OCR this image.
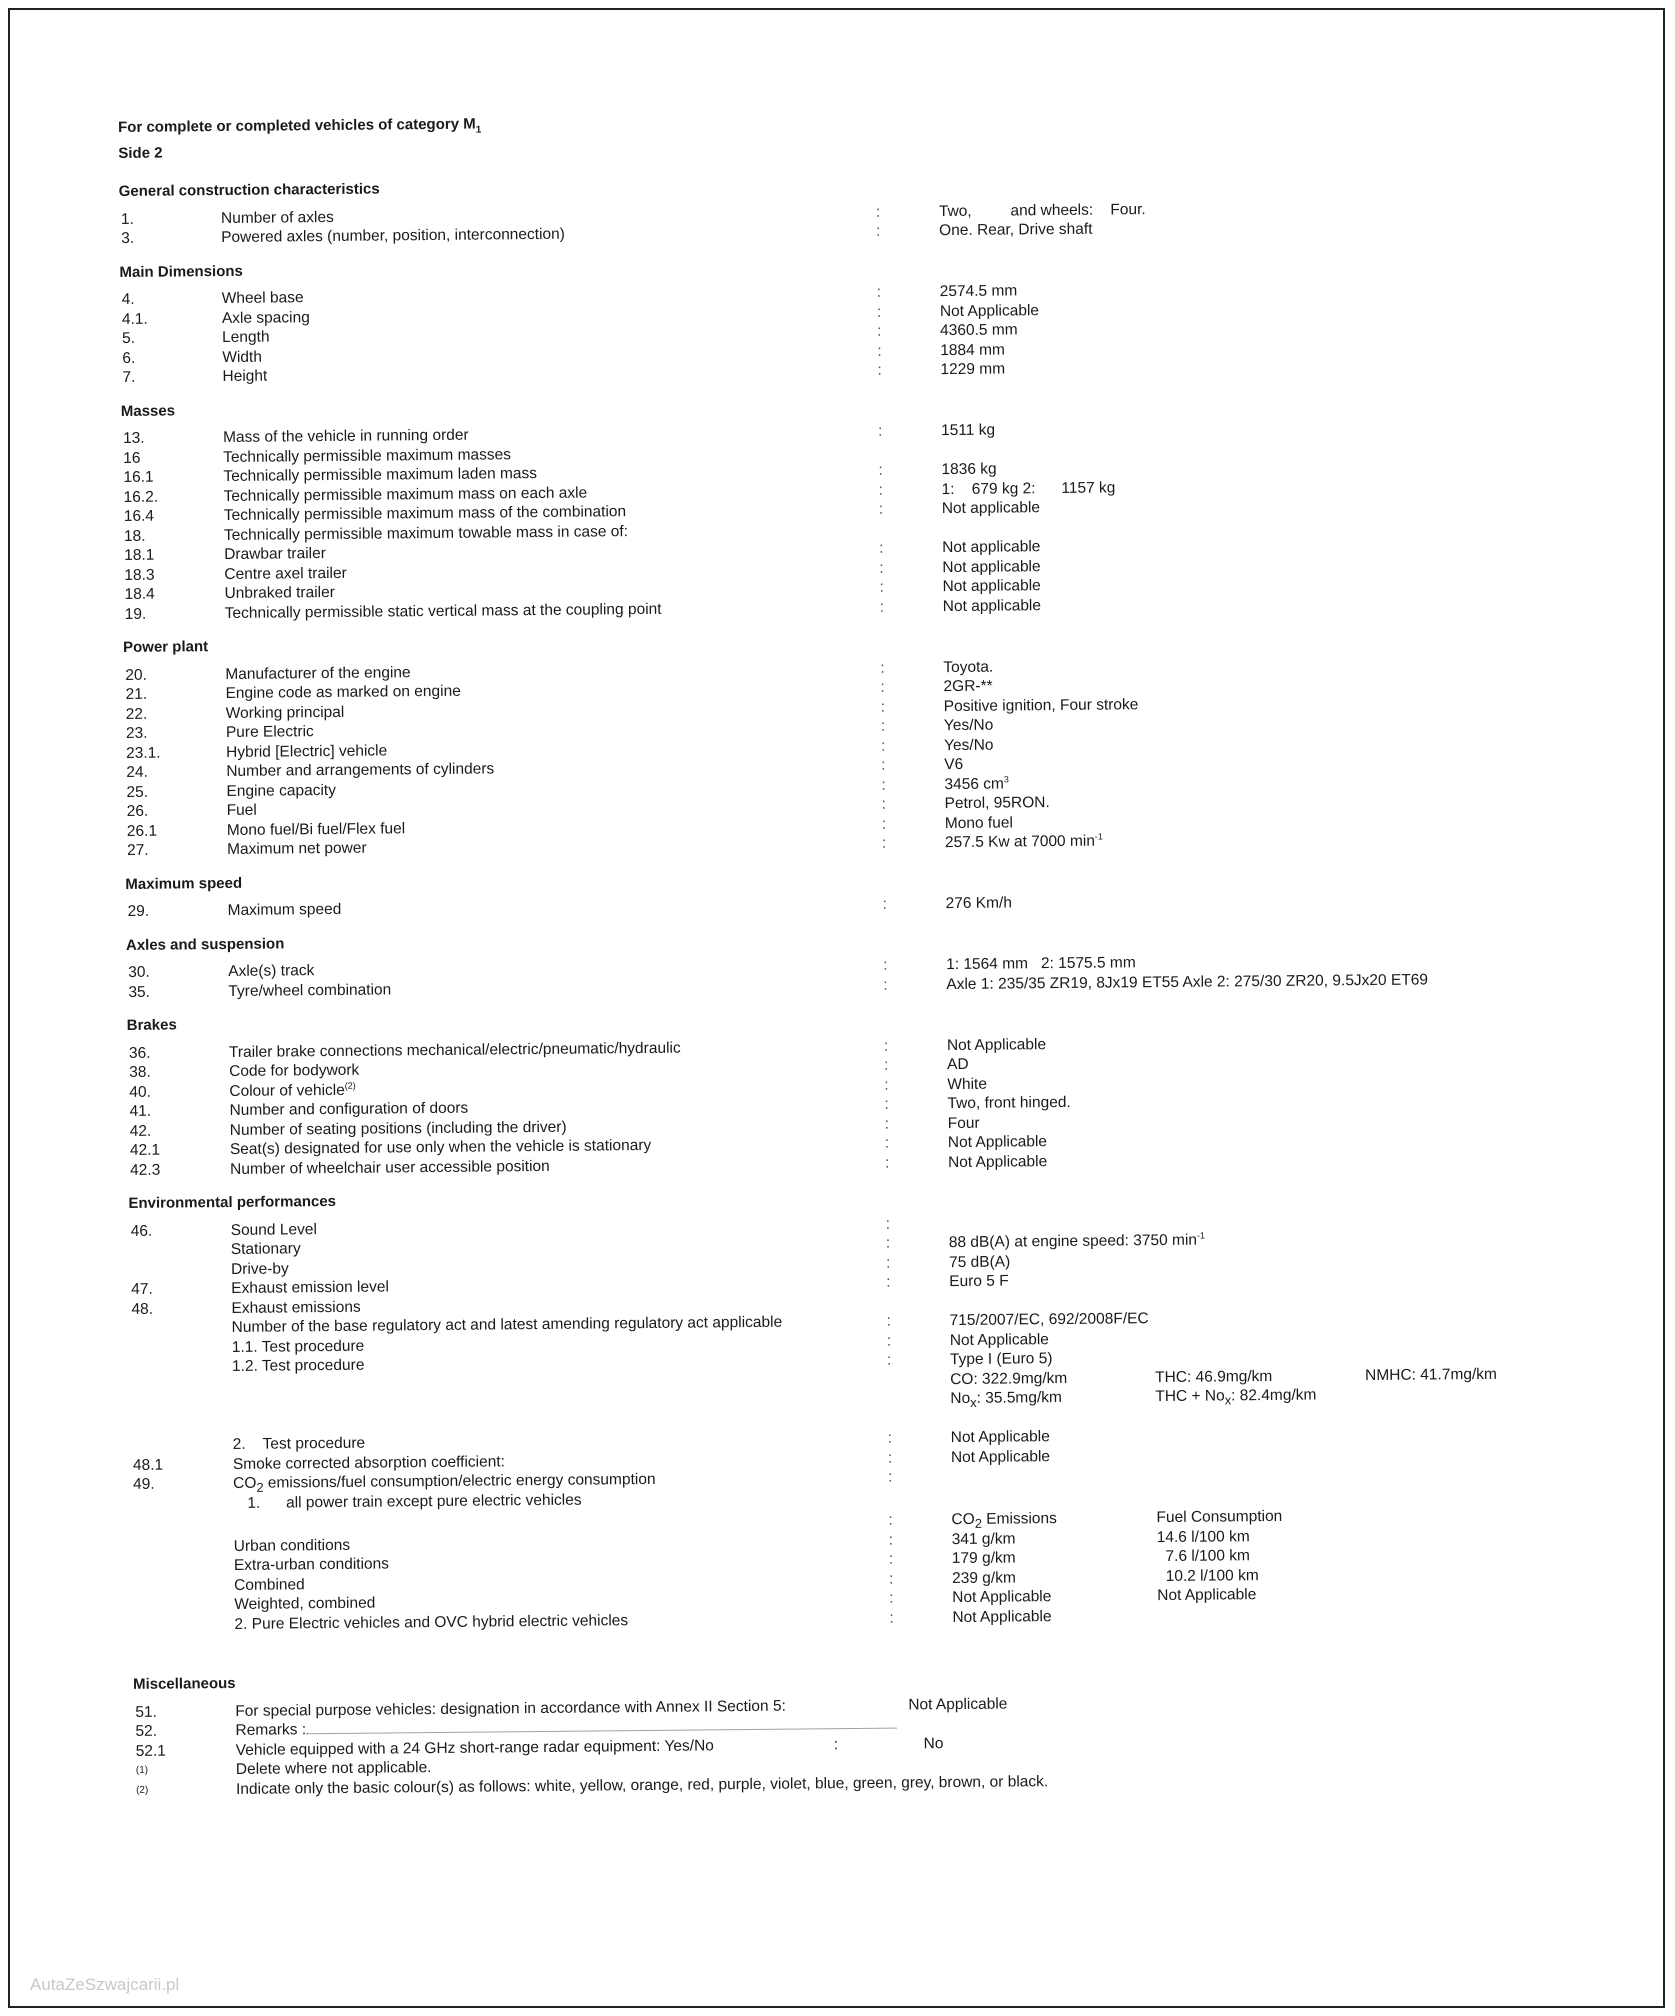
For complete or completed vehicles of category $M_1$
Side 2
General construction characteristics
1.	Number of axles	:	Two,         and wheels:    Four.
3.	Powered axles (number, position, interconnection)	:	One. Rear, Drive shaft
Main Dimensions
4.	Wheel base	:	2574.5 mm
4.1.	Axle spacing	:	Not Applicable
5.	Length	:	4360.5 mm
6.	Width	:	1884 mm
7.	Height	:	1229 mm
Masses
13.	Mass of the vehicle in running order	:	1511 kg
16	Technically permissible maximum masses
16.1	Technically permissible maximum laden mass	:	1836 kg
16.2.	Technically permissible maximum mass on each axle	:	1:    679 kg 2:      1157 kg
16.4	Technically permissible maximum mass of the combination	:	Not applicable
18.	Technically permissible maximum towable mass in case of:
18.1	Drawbar trailer	:	Not applicable
18.3	Centre axel trailer	:	Not applicable
18.4	Unbraked trailer	:	Not applicable
19.	Technically permissible static vertical mass at the coupling point	:	Not applicable
Power plant
20.	Manufacturer of the engine	:	Toyota.
21.	Engine code as marked on engine	:	2GR-**
22.	Working principal	:	Positive ignition, Four stroke
23.	Pure Electric	:	Yes/No
23.1.	Hybrid [Electric] vehicle	:	Yes/No
24.	Number and arrangements of cylinders	:	V6
25.	Engine capacity	:	3456 $cm^3$
26.	Fuel	:	Petrol, 95RON.
26.1	Mono fuel/Bi fuel/Flex fuel	:	Mono fuel
27.	Maximum net power	:	257.5 Kw at 7000 $\min^{-1}$
Maximum speed
29.	Maximum speed	:	276 Km/h
Axles and suspension
30.	Axle(s) track	:	1: 1564 mm   2: 1575.5 mm
35.	Tyre/wheel combination	:	Axle 1: 235/35 ZR19, 8Jx19 ET55 Axle 2: 275/30 ZR20, 9.5Jx20 ET69
Brakes
36.	Trailer brake connections mechanical/electric/pneumatic/hydraulic	:	Not Applicable
38.	Code for bodywork	:	AD
40.	Colour of vehicle$^{(2)}$	:	White
41.	Number and configuration of doors	:	Two, front hinged.
42.	Number of seating positions (including the driver)	:	Four
42.1	Seat(s) designated for use only when the vehicle is stationary	:	Not Applicable
42.3	Number of wheelchair user accessible position	:	Not Applicable
Environmental performances
46.	Sound Level	:
Stationary	:	88 dB(A) at engine speed: 3750 $\min^{-1}$
Drive-by	:	75 dB(A)
47.	Exhaust emission level	:	Euro 5 F
48.	Exhaust emissions
Number of the base regulatory act and latest amending regulatory act applicable	:	715/2007/EC, 692/2008F/EC
1.1. Test procedure	:	Not Applicable
1.2. Test procedure	:	Type I (Euro 5)
CO: 322.9mg/km	THC: 46.9mg/km	NMHC: 41.7mg/km
$No_x$: 35.5mg/km	THC + $No_x$: 82.4mg/km
2.    Test procedure	:	Not Applicable
48.1	Smoke corrected absorption coefficient:	:	Not Applicable
49.	$CO_2$ emissions/fuel consumption/electric energy consumption	:
1.      all power train except pure electric vehicles
:	$CO_2$ Emissions	Fuel Consumption
Urban conditions	:	341 g/km	14.6 l/100 km
Extra-urban conditions	:	179 g/km	7.6 l/100 km
Combined	:	239 g/km	10.2 l/100 km
Weighted, combined	:	Not Applicable	Not Applicable
2. Pure Electric vehicles and OVC hybrid electric vehicles	:	Not Applicable
Miscellaneous
51.	For special purpose vehicles: designation in accordance with Annex II Section 5:	Not Applicable
52.	Remarks :
52.1	Vehicle equipped with a 24 GHz short-range radar equipment: Yes/No	:	No
(1)	Delete where not applicable.
(2)	Indicate only the basic colour(s) as follows: white, yellow, orange, red, purple, violet, blue, green, grey, brown, or black.
AutaZeSzwajcarii.pl
